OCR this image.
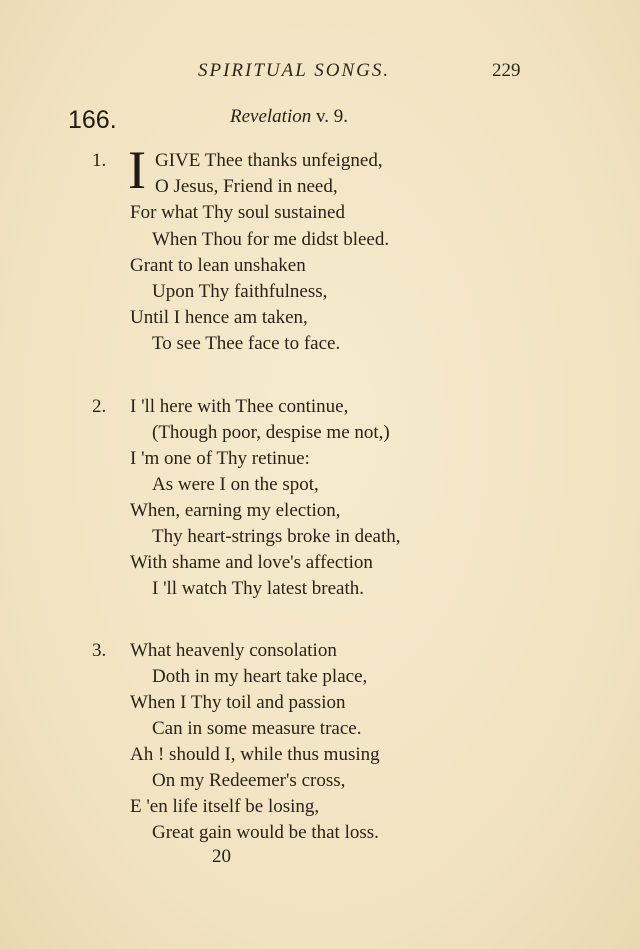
SPIRITUAL SONGS.	229
166.	Revelation v. 9.
1. I GIVE Thee thanks unfeigned,
O Jesus, Friend in need,
For what Thy soul sustained
When Thou for me didst bleed.
Grant to lean unshaken
Upon Thy faithfulness,
Until I hence am taken,
To see Thee face to face.
2. I 'll here with Thee continue,
(Though poor, despise me not,)
I 'm one of Thy retinue:
As were I on the spot,
When, earning my election,
Thy heart-strings broke in death,
With shame and love's affection
I 'll watch Thy latest breath.
3. What heavenly consolation
Doth in my heart take place,
When I Thy toil and passion
Can in some measure trace.
Ah ! should I, while thus musing
On my Redeemer's cross,
E 'en life itself be losing,
Great gain would be that loss.
20
